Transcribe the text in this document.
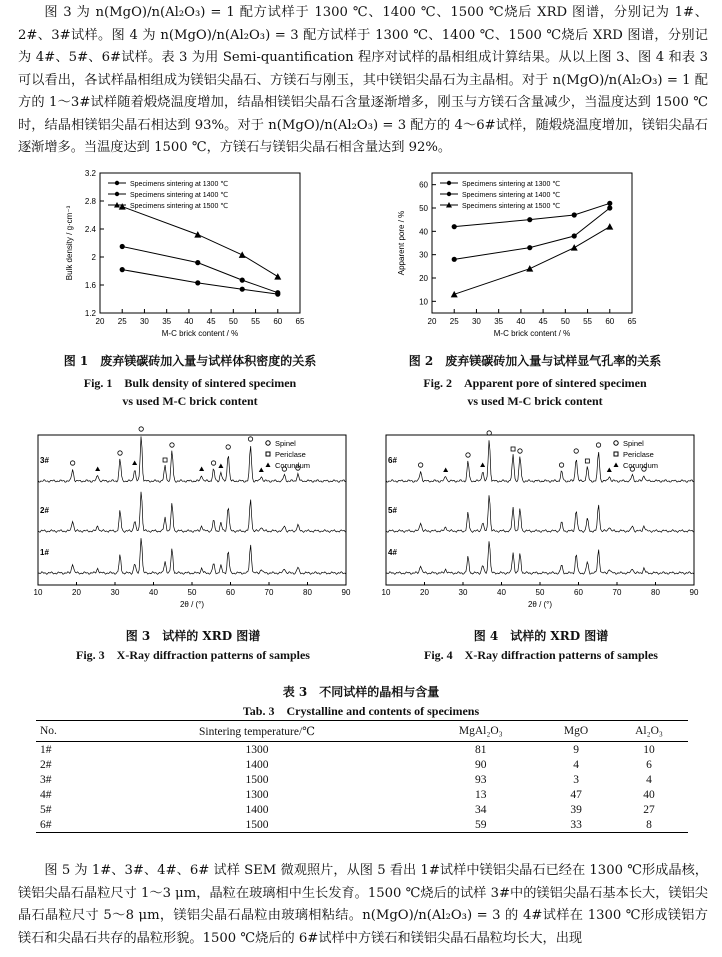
图 3 为 n(MgO)/n(Al₂O₃) = 1 配方试样于 1300 ℃、1400 ℃、1500 ℃烧后 XRD 图谱，分别记为 1#、2#、3#试样。图 4 为 n(MgO)/n(Al₂O₃) = 3 配方试样于 1300 ℃、1400 ℃、1500 ℃烧后 XRD 图谱，分别记为 4#、5#、6#试样。表 3 为用 Semi-quantification 程序对试样的晶相组成计算结果。从以上图 3、图 4 和表 3 可以看出，各试样晶相组成为镁铝尖晶石、方镁石与刚玉，其中镁铝尖晶石为主晶相。对于 n(MgO)/n(Al₂O₃) = 1 配方的 1～3#试样随着煅烧温度增加，结晶相镁铝尖晶石含量逐渐增多，刚玉与方镁石含量减少，当温度达到 1500 ℃时，结晶相镁铝尖晶石相达到 93%。对于 n(MgO)/n(Al₂O₃) = 3 配方的 4～6#试样，随煅烧温度增加，镁铝尖晶石逐渐增多。当温度达到 1500 ℃，方镁石与镁铝尖晶石相含量达到 92%。

20 25 30 35 40 45 50 55 60 65
1.2
1.6
2
2.4
2.8
3.2
M-C brick content / %
Bulk density / g·cm⁻³
Specimens sintering at 1300 ℃
Specimens sintering at 1400 ℃
Specimens sintering at 1500 ℃
图 1　废弃镁碳砖加入量与试样体积密度的关系
Fig. 1　Bulk density of sintered specimen
vs used M-C brick content
20 25 30 35 40 45 50 55 60 65
10
20
30
40
50
60
M-C brick content / %
Apparent pore / %
Specimens sintering at 1300 ℃
Specimens sintering at 1400 ℃
Specimens sintering at 1500 ℃
图 2　废弃镁碳砖加入量与试样显气孔率的关系
Fig. 2　Apparent pore of sintered specimen
vs used M-C brick content
3#
2#
1#
Spinel
Periclase
Corundum
10	20	30	40	50	60	70	80	90
2θ / (°)
图 3　试样的 XRD 图谱
Fig. 3　X-Ray diffraction patterns of samples
6#
5#
4#
Spinel
Periclase
Corundum
10	20	30	40	50	60	70	80	90
2θ / (°)
图 4　试样的 XRD 图谱
Fig. 4　X-Ray diffraction patterns of samples
表 3　不同试样的晶相与含量
Tab. 3　Crystalline and contents of specimens
No.	Sintering temperature/℃	MgAl₂O₃	MgO	Al₂O₃
1#	1300	81	9	10
2#	1400	90	4	6
3#	1500	93	3	4
4#	1300	13	47	40
5#	1400	34	39	27
6#	1500	59	33	8

图 5 为 1#、3#、4#、6# 试样 SEM 微观照片，从图 5 看出 1#试样中镁铝尖晶石已经在 1300 ℃形成晶核，镁铝尖晶石晶粒尺寸 1～3 μm，晶粒在玻璃相中生长发育。1500 ℃烧后的试样 3#中的镁铝尖晶石基本长大，镁铝尖晶石晶粒尺寸 5～8 μm，镁铝尖晶石晶粒由玻璃相粘结。n(MgO)/n(Al₂O₃) = 3 的 4#试样在 1300 ℃形成镁铝方镁石和尖晶石共存的晶粒形貌。1500 ℃烧后的 6#试样中方镁石和镁铝尖晶石晶粒均长大，出现
